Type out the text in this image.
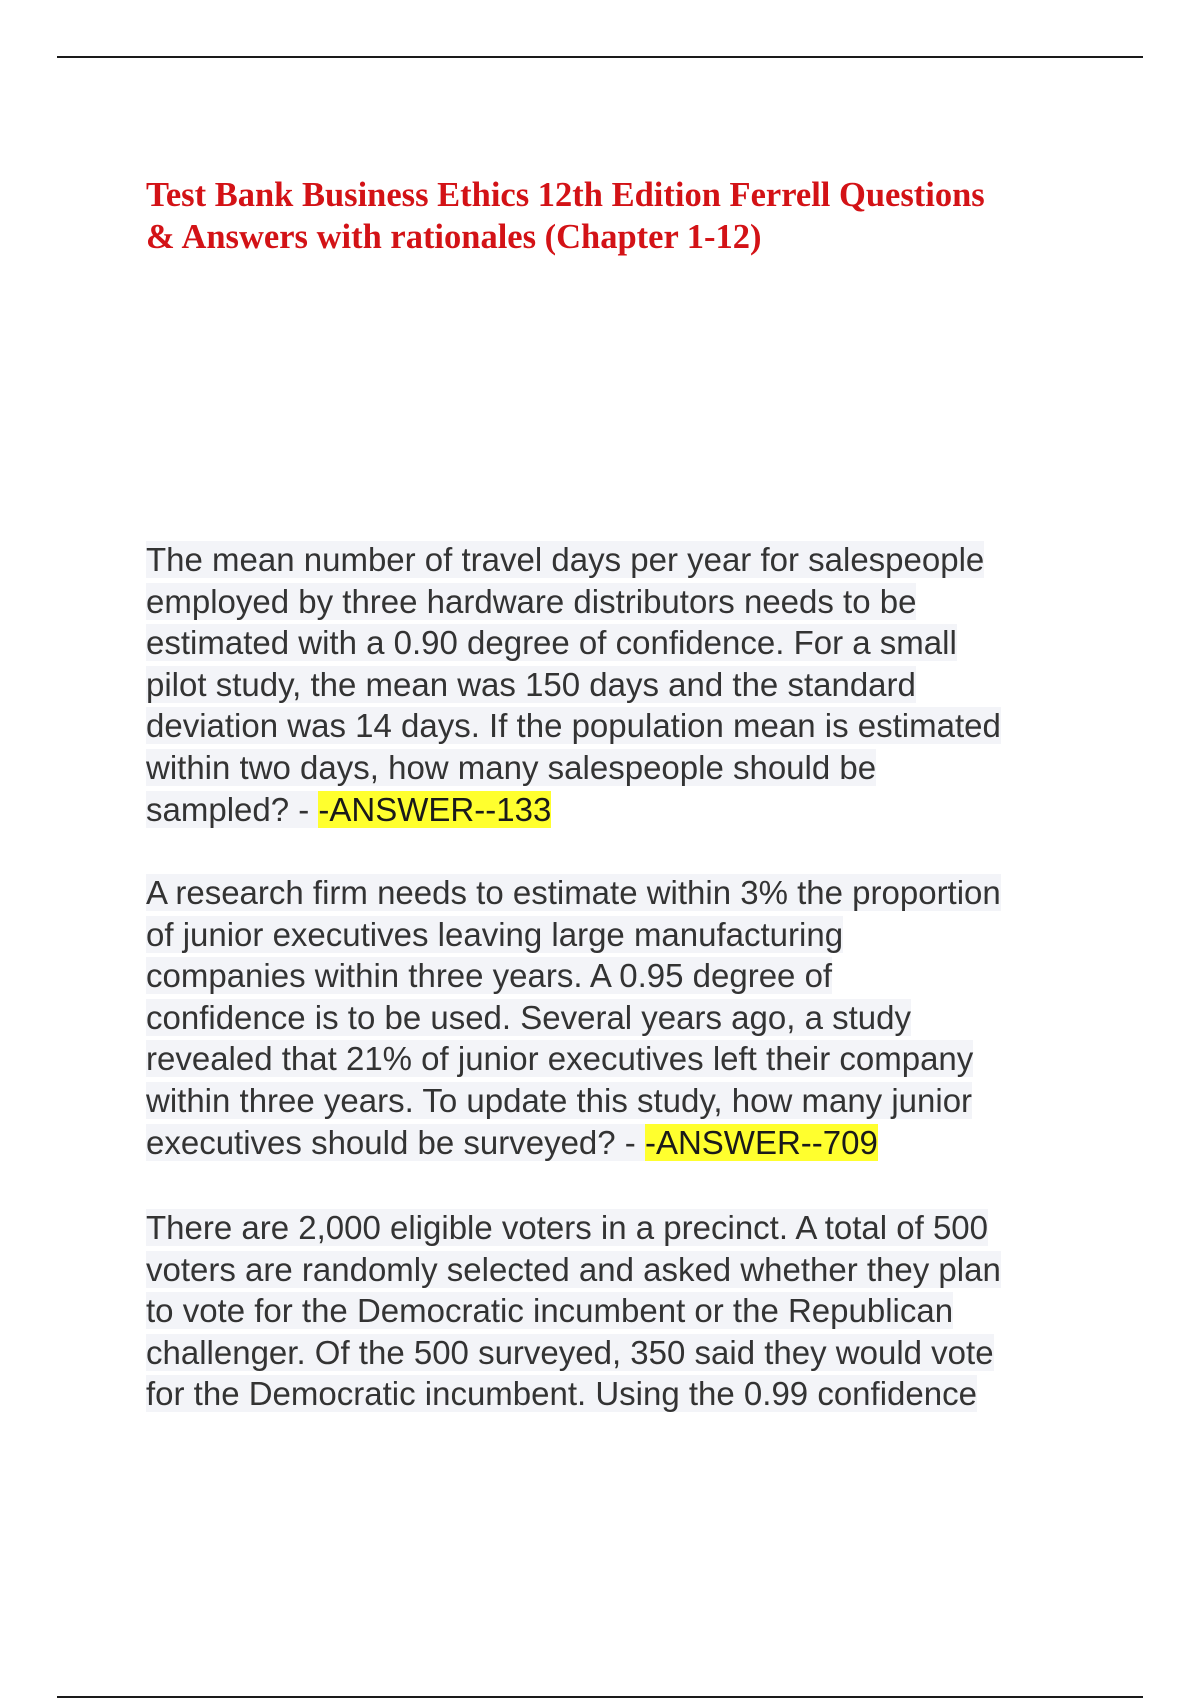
Test Bank Business Ethics 12th Edition Ferrell Questions
& Answers with rationales (Chapter 1-12)
The mean number of travel days per year for salespeople
employed by three hardware distributors needs to be
estimated with a 0.90 degree of confidence. For a small
pilot study, the mean was 150 days and the standard
deviation was 14 days. If the population mean is estimated
within two days, how many salespeople should be
sampled? - -ANSWER--133
A research firm needs to estimate within 3% the proportion
of junior executives leaving large manufacturing
companies within three years. A 0.95 degree of
confidence is to be used. Several years ago, a study
revealed that 21% of junior executives left their company
within three years. To update this study, how many junior
executives should be surveyed? - -ANSWER--709
There are 2,000 eligible voters in a precinct. A total of 500
voters are randomly selected and asked whether they plan
to vote for the Democratic incumbent or the Republican
challenger. Of the 500 surveyed, 350 said they would vote
for the Democratic incumbent. Using the 0.99 confidence
